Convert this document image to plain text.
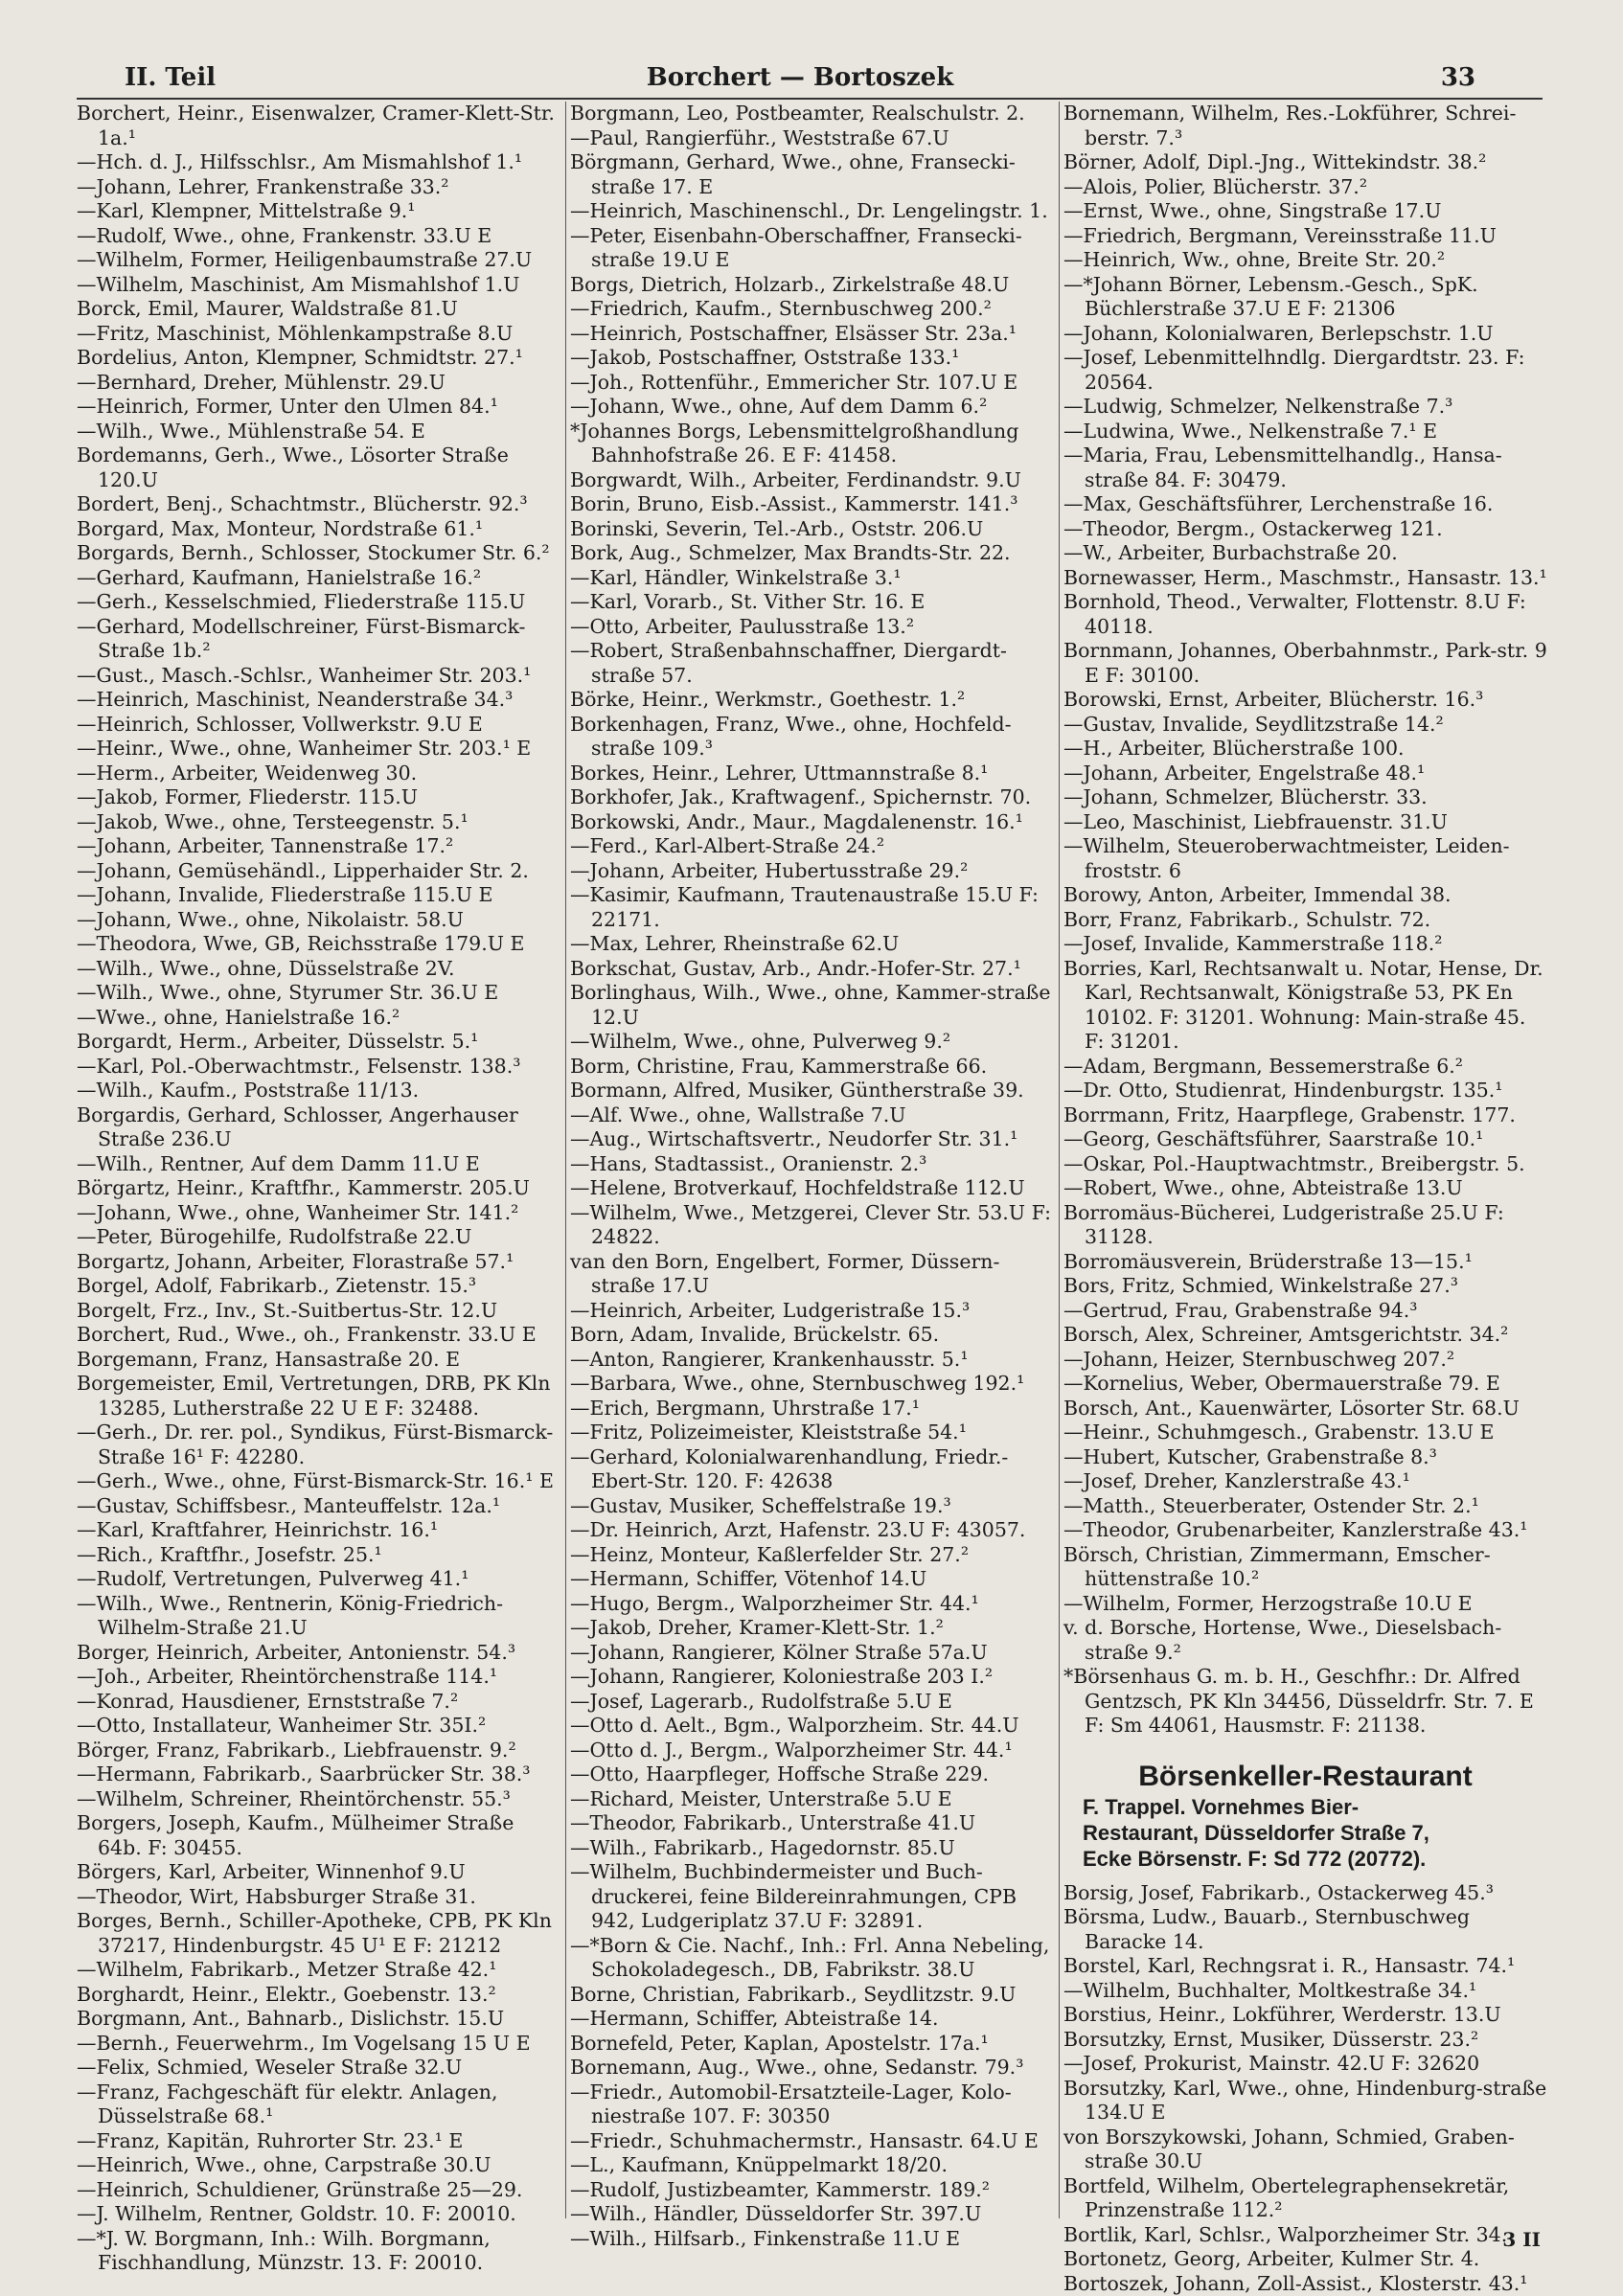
II. Teil	Borchert — Bortoszek	33
Borchert, Heinr., Eisenwalzer, Cramer-Klett-Str. 1a.¹
—Hch. d. J., Hilfsschlsr., Am Mismahlshof 1.¹
—Johann, Lehrer, Frankenstraße 33.²
—Karl, Klempner, Mittelstraße 9.¹
—Rudolf, Wwe., ohne, Frankenstr. 33.U E
—Wilhelm, Former, Heiligenbaumstraße 27.U
—Wilhelm, Maschinist, Am Mismahlshof 1.U
Borck, Emil, Maurer, Waldstraße 81.U
—Fritz, Maschinist, Möhlenkampstraße 8.U
Bordelius, Anton, Klempner, Schmidtstr. 27.¹
—Bernhard, Dreher, Mühlenstr. 29.U
—Heinrich, Former, Unter den Ulmen 84.¹
—Wilh., Wwe., Mühlenstraße 54. E
Bordemanns, Gerh., Wwe., Lösorter Straße 120.U
Bordert, Benj., Schachtmstr., Blücherstr. 92.³
Borgard, Max, Monteur, Nordstraße 61.¹
Borgards, Bernh., Schlosser, Stockumer Str. 6.²
—Gerhard, Kaufmann, Hanielstraße 16.²
—Gerh., Kesselschmied, Fliederstraße 115.U
—Gerhard, Modellschreiner, Fürst-Bismarck-Straße 1b.²
—Gust., Masch.-Schlsr., Wanheimer Str. 203.¹
—Heinrich, Maschinist, Neanderstraße 34.³
—Heinrich, Schlosser, Vollwerkstr. 9.U E
—Heinr., Wwe., ohne, Wanheimer Str. 203.¹ E
—Herm., Arbeiter, Weidenweg 30.
—Jakob, Former, Fliederstr. 115.U
—Jakob, Wwe., ohne, Tersteegenstr. 5.¹
—Johann, Arbeiter, Tannenstraße 17.²
—Johann, Gemüsehändl., Lipperhaider Str. 2.
—Johann, Invalide, Fliederstraße 115.U E
—Johann, Wwe., ohne, Nikolaistr. 58.U
—Theodora, Wwe, GB, Reichsstraße 179.U E
—Wilh., Wwe., ohne, Düsselstraße 2V.
—Wilh., Wwe., ohne, Styrumer Str. 36.U E
—Wwe., ohne, Hanielstraße 16.²
Borgardt, Herm., Arbeiter, Düsselstr. 5.¹
—Karl, Pol.-Oberwachtmstr., Felsenstr. 138.³
—Wilh., Kaufm., Poststraße 11/13.
Borgardis, Gerhard, Schlosser, Angerhauser Straße 236.U
—Wilh., Rentner, Auf dem Damm 11.U E
Börgartz, Heinr., Kraftfhr., Kammerstr. 205.U
—Johann, Wwe., ohne, Wanheimer Str. 141.²
—Peter, Bürogehilfe, Rudolfstraße 22.U
Borgartz, Johann, Arbeiter, Florastraße 57.¹
Borgel, Adolf, Fabrikarb., Zietenstr. 15.³
Borgelt, Frz., Inv., St.-Suitbertus-Str. 12.U
Borchert, Rud., Wwe., oh., Frankenstr. 33.U E
Borgemann, Franz, Hansastraße 20. E
Borgemeister, Emil, Vertretungen, DRB, PK Kln 13285, Lutherstraße 22 U E F: 32488.
—Gerh., Dr. rer. pol., Syndikus, Fürst-Bismarck-Straße 16¹ F: 42280.
—Gerh., Wwe., ohne, Fürst-Bismarck-Str. 16.¹ E
—Gustav, Schiffsbesr., Manteuffelstr. 12a.¹
—Karl, Kraftfahrer, Heinrichstr. 16.¹
—Rich., Kraftfhr., Josefstr. 25.¹
—Rudolf, Vertretungen, Pulverweg 41.¹
—Wilh., Wwe., Rentnerin, König-Friedrich-Wilhelm-Straße 21.U
Borger, Heinrich, Arbeiter, Antonienstr. 54.³
—Joh., Arbeiter, Rheintörchenstraße 114.¹
—Konrad, Hausdiener, Ernststraße 7.²
—Otto, Installateur, Wanheimer Str. 35I.²
Börger, Franz, Fabrikarb., Liebfrauenstr. 9.²
—Hermann, Fabrikarb., Saarbrücker Str. 38.³
—Wilhelm, Schreiner, Rheintörchenstr. 55.³
Borgers, Joseph, Kaufm., Mülheimer Straße 64b. F: 30455.
Börgers, Karl, Arbeiter, Winnenhof 9.U
—Theodor, Wirt, Habsburger Straße 31.
Borges, Bernh., Schiller-Apotheke, CPB, PK Kln 37217, Hindenburgstr. 45 U¹ E F: 21212
—Wilhelm, Fabrikarb., Metzer Straße 42.¹
Borghardt, Heinr., Elektr., Goebenstr. 13.²
Borgmann, Ant., Bahnarb., Dislichstr. 15.U
—Bernh., Feuerwehrm., Im Vogelsang 15 U E
—Felix, Schmied, Weseler Straße 32.U
—Franz, Fachgeschäft für elektr. Anlagen, Düsselstraße 68.¹
—Franz, Kapitän, Ruhrorter Str. 23.¹ E
—Heinrich, Wwe., ohne, Carpstraße 30.U
—Heinrich, Schuldiener, Grünstraße 25—29.
—J. Wilhelm, Rentner, Goldstr. 10. F: 20010.
—*J. W. Borgmann, Inh.: Wilh. Borgmann, Fischhandlung, Münzstr. 13. F: 20010.
Borgmann, Leo, Postbeamter, Realschulstr. 2.
—Paul, Rangierführ., Weststraße 67.U
Börgmann, Gerhard, Wwe., ohne, Fransecki-straße 17. E
—Heinrich, Maschinenschl., Dr. Lengelingstr. 1.
—Peter, Eisenbahn-Oberschaffner, Fransecki-straße 19.U E
Borgs, Dietrich, Holzarb., Zirkelstraße 48.U
—Friedrich, Kaufm., Sternbuschweg 200.²
—Heinrich, Postschaffner, Elsässer Str. 23a.¹
—Jakob, Postschaffner, Oststraße 133.¹
—Joh., Rottenführ., Emmericher Str. 107.U E
—Johann, Wwe., ohne, Auf dem Damm 6.²
*Johannes Borgs, Lebensmittelgroßhandlung Bahnhofstraße 26. E F: 41458.
Borgwardt, Wilh., Arbeiter, Ferdinandstr. 9.U
Borin, Bruno, Eisb.-Assist., Kammerstr. 141.³
Borinski, Severin, Tel.-Arb., Oststr. 206.U
Bork, Aug., Schmelzer, Max Brandts-Str. 22.
—Karl, Händler, Winkelstraße 3.¹
—Karl, Vorarb., St. Vither Str. 16. E
—Otto, Arbeiter, Paulusstraße 13.²
—Robert, Straßenbahnschaffner, Diergardt-straße 57.
Börke, Heinr., Werkmstr., Goethestr. 1.²
Borkenhagen, Franz, Wwe., ohne, Hochfeld-straße 109.³
Borkes, Heinr., Lehrer, Uttmannstraße 8.¹
Borkhofer, Jak., Kraftwagenf., Spichernstr. 70.
Borkowski, Andr., Maur., Magdalenenstr. 16.¹
—Ferd., Karl-Albert-Straße 24.²
—Johann, Arbeiter, Hubertusstraße 29.²
—Kasimir, Kaufmann, Trautenaustraße 15.U F: 22171.
—Max, Lehrer, Rheinstraße 62.U
Borkschat, Gustav, Arb., Andr.-Hofer-Str. 27.¹
Borlinghaus, Wilh., Wwe., ohne, Kammer-straße 12.U
—Wilhelm, Wwe., ohne, Pulverweg 9.²
Borm, Christine, Frau, Kammerstraße 66.
Bormann, Alfred, Musiker, Güntherstraße 39.
—Alf. Wwe., ohne, Wallstraße 7.U
—Aug., Wirtschaftsvertr., Neudorfer Str. 31.¹
—Hans, Stadtassist., Oranienstr. 2.³
—Helene, Brotverkauf, Hochfeldstraße 112.U
—Wilhelm, Wwe., Metzgerei, Clever Str. 53.U F: 24822.
van den Born, Engelbert, Former, Düssern-straße 17.U
—Heinrich, Arbeiter, Ludgeristraße 15.³
Born, Adam, Invalide, Brückelstr. 65.
—Anton, Rangierer, Krankenhausstr. 5.¹
—Barbara, Wwe., ohne, Sternbuschweg 192.¹
—Erich, Bergmann, Uhrstraße 17.¹
—Fritz, Polizeimeister, Kleiststraße 54.¹
—Gerhard, Kolonialwarenhandlung, Friedr.-Ebert-Str. 120. F: 42638
—Gustav, Musiker, Scheffelstraße 19.³
—Dr. Heinrich, Arzt, Hafenstr. 23.U F: 43057.
—Heinz, Monteur, Kaßlerfelder Str. 27.²
—Hermann, Schiffer, Vötenhof 14.U
—Hugo, Bergm., Walporzheimer Str. 44.¹
—Jakob, Dreher, Kramer-Klett-Str. 1.²
—Johann, Rangierer, Kölner Straße 57a.U
—Johann, Rangierer, Koloniestraße 203 I.²
—Josef, Lagerarb., Rudolfstraße 5.U E
—Otto d. Aelt., Bgm., Walporzheim. Str. 44.U
—Otto d. J., Bergm., Walporzheimer Str. 44.¹
—Otto, Haarpfleger, Hoffsche Straße 229.
—Richard, Meister, Unterstraße 5.U E
—Theodor, Fabrikarb., Unterstraße 41.U
—Wilh., Fabrikarb., Hagedornstr. 85.U
—Wilhelm, Buchbindermeister und Buch-druckerei, feine Bildereinrahmungen, CPB 942, Ludgeriplatz 37.U F: 32891.
—*Born & Cie. Nachf., Inh.: Frl. Anna Nebeling, Schokoladegesch., DB, Fabrikstr. 38.U
Borne, Christian, Fabrikarb., Seydlitzstr. 9.U
—Hermann, Schiffer, Abteistraße 14.
Bornefeld, Peter, Kaplan, Apostelstr. 17a.¹
Bornemann, Aug., Wwe., ohne, Sedanstr. 79.³
—Friedr., Automobil-Ersatzteile-Lager, Kolo-niestraße 107. F: 30350
—Friedr., Schuhmachermstr., Hansastr. 64.U E
—L., Kaufmann, Knüppelmarkt 18/20.
—Rudolf, Justizbeamter, Kammerstr. 189.²
—Wilh., Händler, Düsseldorfer Str. 397.U
—Wilh., Hilfsarb., Finkenstraße 11.U E
Bornemann, Wilhelm, Res.-Lokführer, Schrei-berstr. 7.³
Börner, Adolf, Dipl.-Jng., Wittekindstr. 38.²
—Alois, Polier, Blücherstr. 37.²
—Ernst, Wwe., ohne, Singstraße 17.U
—Friedrich, Bergmann, Vereinsstraße 11.U
—Heinrich, Ww., ohne, Breite Str. 20.²
—*Johann Börner, Lebensm.-Gesch., SpK. Büchlerstraße 37.U E F: 21306
—Johann, Kolonialwaren, Berlepschstr. 1.U
—Josef, Lebenmittelhndlg. Diergardtstr. 23. F: 20564.
—Ludwig, Schmelzer, Nelkenstraße 7.³
—Ludwina, Wwe., Nelkenstraße 7.¹ E
—Maria, Frau, Lebensmittelhandlg., Hansa-straße 84. F: 30479.
—Max, Geschäftsführer, Lerchenstraße 16.
—Theodor, Bergm., Ostackerweg 121.
—W., Arbeiter, Burbachstraße 20.
Bornewasser, Herm., Maschmstr., Hansastr. 13.¹
Bornhold, Theod., Verwalter, Flottenstr. 8.U F: 40118.
Bornmann, Johannes, Oberbahnmstr., Park-str. 9 E F: 30100.
Borowski, Ernst, Arbeiter, Blücherstr. 16.³
—Gustav, Invalide, Seydlitzstraße 14.²
—H., Arbeiter, Blücherstraße 100.
—Johann, Arbeiter, Engelstraße 48.¹
—Johann, Schmelzer, Blücherstr. 33.
—Leo, Maschinist, Liebfrauenstr. 31.U
—Wilhelm, Steueroberwachtmeister, Leiden-froststr. 6
Borowy, Anton, Arbeiter, Immendal 38.
Borr, Franz, Fabrikarb., Schulstr. 72.
—Josef, Invalide, Kammerstraße 118.²
Borries, Karl, Rechtsanwalt u. Notar, Hense, Dr. Karl, Rechtsanwalt, Königstraße 53, PK En 10102. F: 31201. Wohnung: Main-straße 45. F: 31201.
—Adam, Bergmann, Bessemerstraße 6.²
—Dr. Otto, Studienrat, Hindenburgstr. 135.¹
Borrmann, Fritz, Haarpflege, Grabenstr. 177.
—Georg, Geschäftsführer, Saarstraße 10.¹
—Oskar, Pol.-Hauptwachtmstr., Breibergstr. 5.
—Robert, Wwe., ohne, Abteistraße 13.U
Borromäus-Bücherei, Ludgeristraße 25.U F: 31128.
Borromäusverein, Brüderstraße 13—15.¹
Bors, Fritz, Schmied, Winkelstraße 27.³
—Gertrud, Frau, Grabenstraße 94.³
Borsch, Alex, Schreiner, Amtsgerichtstr. 34.²
—Johann, Heizer, Sternbuschweg 207.²
—Kornelius, Weber, Obermauerstraße 79. E
Borsch, Ant., Kauenwärter, Lösorter Str. 68.U
—Heinr., Schuhmgesch., Grabenstr. 13.U E
—Hubert, Kutscher, Grabenstraße 8.³
—Josef, Dreher, Kanzlerstraße 43.¹
—Matth., Steuerberater, Ostender Str. 2.¹
—Theodor, Grubenarbeiter, Kanzlerstraße 43.¹
Börsch, Christian, Zimmermann, Emscher-hüttenstraße 10.²
—Wilhelm, Former, Herzogstraße 10.U E
v. d. Borsche, Hortense, Wwe., Dieselsbach-straße 9.²
*Börsenhaus G. m. b. H., Geschfhr.: Dr. Alfred Gentzsch, PK Kln 34456, Düsseldrfr. Str. 7. E F: Sm 44061, Hausmstr. F: 21138.
Börsenkeller-Restaurant
F. Trappel. Vornehmes Bier-
Restaurant, Düsseldorfer Straße 7,
Ecke Börsenstr. F: Sd 772 (20772).
Borsig, Josef, Fabrikarb., Ostackerweg 45.³
Börsma, Ludw., Bauarb., Sternbuschweg Baracke 14.
Borstel, Karl, Rechngsrat i. R., Hansastr. 74.¹
—Wilhelm, Buchhalter, Moltkestraße 34.¹
Borstius, Heinr., Lokführer, Werderstr. 13.U
Borsutzky, Ernst, Musiker, Düsserstr. 23.²
—Josef, Prokurist, Mainstr. 42.U F: 32620
Borsutzky, Karl, Wwe., ohne, Hindenburg-straße 134.U E
von Borszykowski, Johann, Schmied, Graben-straße 30.U
Bortfeld, Wilhelm, Obertelegraphensekretär, Prinzenstraße 112.²
Bortlik, Karl, Schlsr., Walporzheimer Str. 34.
Bortonetz, Georg, Arbeiter, Kulmer Str. 4.
Bortoszek, Johann, Zoll-Assist., Klosterstr. 43.¹
3 II
